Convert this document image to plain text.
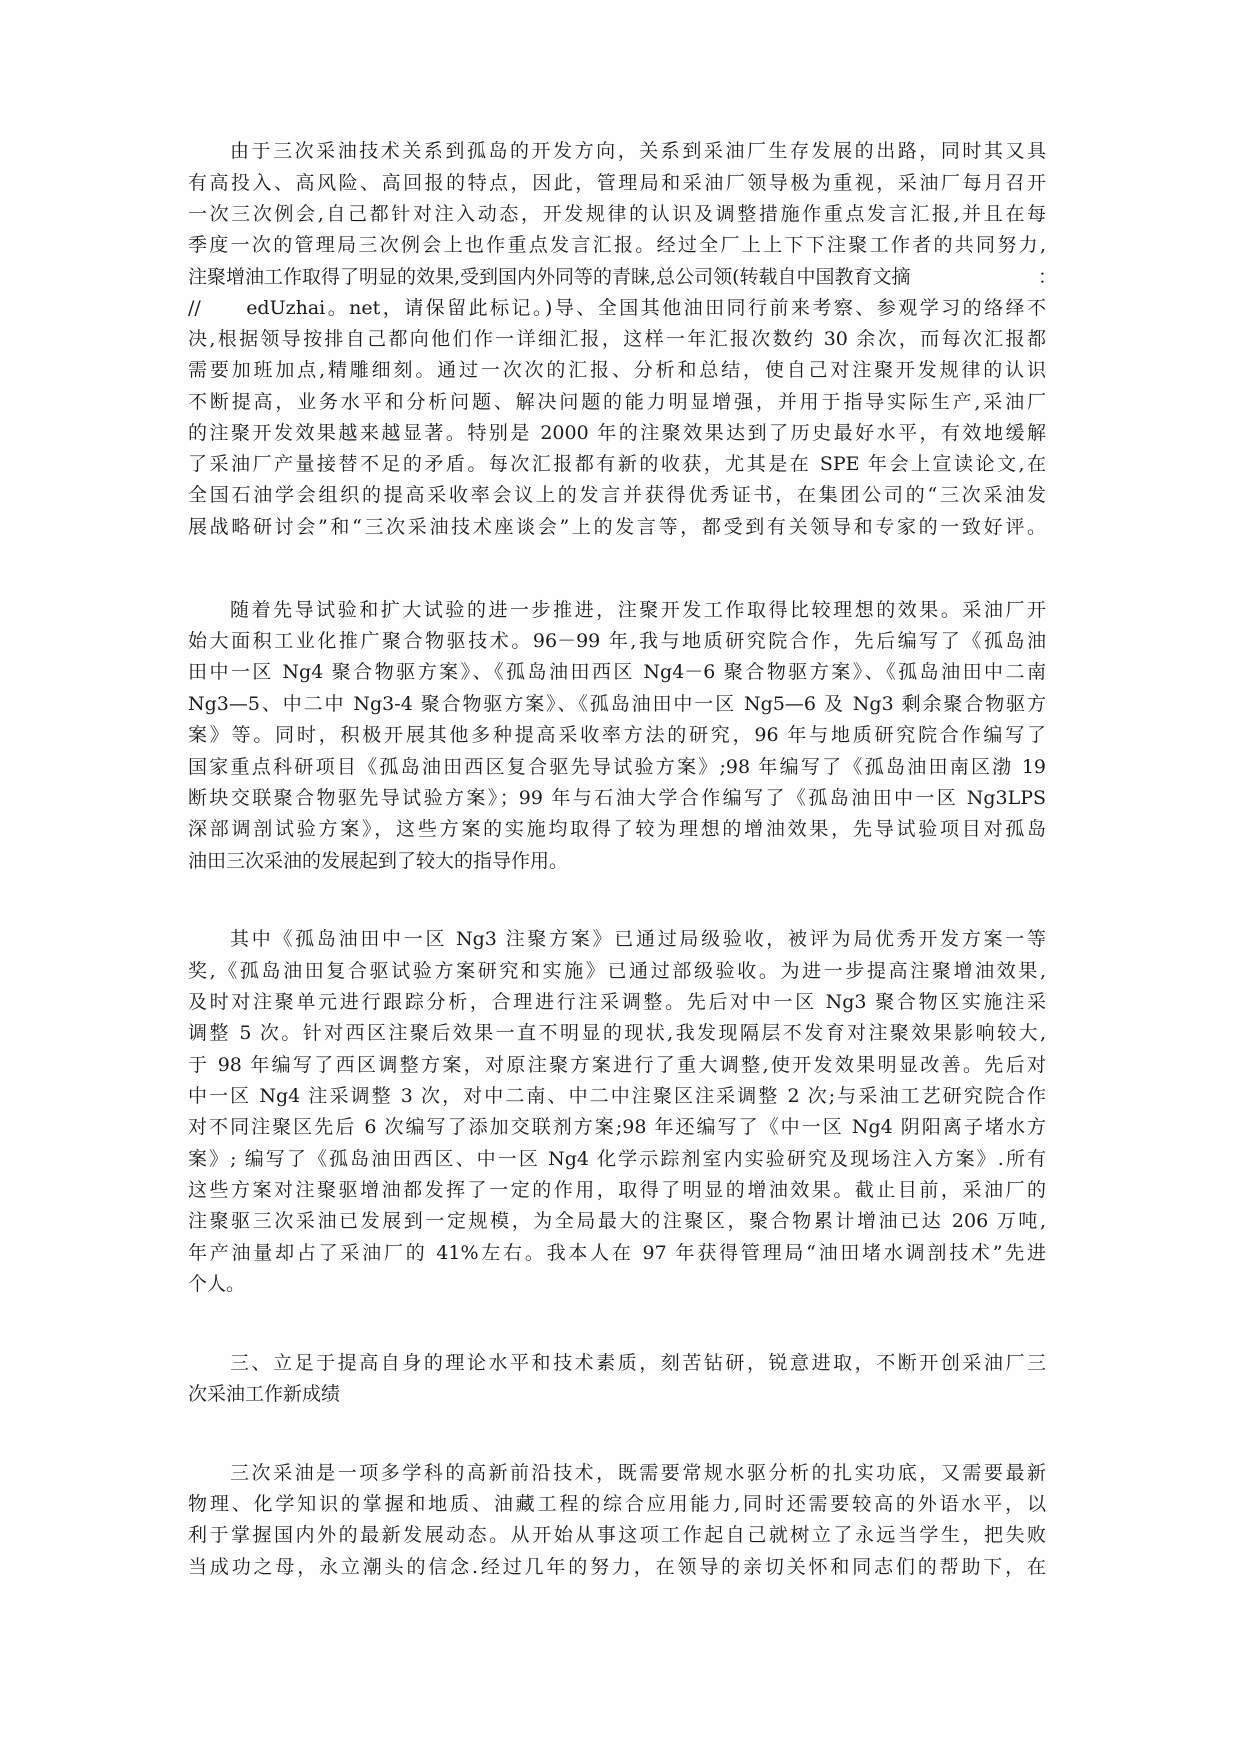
由于三次采油技术关系到孤岛的开发方向，关系到采油厂生存发展的出路，同时其又具
有高投入、高风险、高回报的特点，因此，管理局和采油厂领导极为重视，采油厂每月召开
一次三次例会,自己都针对注入动态，开发规律的认识及调整措施作重点发言汇报,并且在每
季度一次的管理局三次例会上也作重点发言汇报。经过全厂上上下下注聚工作者的共同努力,
注聚增油工作取得了明显的效果,受到国内外同等的青睐,总公司领(转载自中国教育文摘	：
//　　edUzhai。net，请保留此标记。)导、全国其他油田同行前来考察、参观学习的络绎不
决,根据领导按排自己都向他们作一详细汇报，这样一年汇报次数约 30 余次，而每次汇报都
需要加班加点,精雕细刻。通过一次次的汇报、分析和总结，使自己对注聚开发规律的认识
不断提高，业务水平和分析问题、解决问题的能力明显增强，并用于指导实际生产,采油厂
的注聚开发效果越来越显著。特别是 2000 年的注聚效果达到了历史最好水平，有效地缓解
了采油厂产量接替不足的矛盾。每次汇报都有新的收获，尤其是在 SPE 年会上宣读论文,在
全国石油学会组织的提高采收率会议上的发言并获得优秀证书，在集团公司的“三次采油发
展战略研讨会”和“三次采油技术座谈会”上的发言等，都受到有关领导和专家的一致好评。
随着先导试验和扩大试验的进一步推进，注聚开发工作取得比较理想的效果。采油厂开
始大面积工业化推广聚合物驱技术。96－99 年,我与地质研究院合作，先后编写了《孤岛油
田中一区 Ng4 聚合物驱方案》、《孤岛油田西区 Ng4－6 聚合物驱方案》、《孤岛油田中二南
Ng3—5、中二中 Ng3-4 聚合物驱方案》、《孤岛油田中一区 Ng5—6 及 Ng3 剩余聚合物驱方
案》等。同时，积极开展其他多种提高采收率方法的研究，96 年与地质研究院合作编写了
国家重点科研项目《孤岛油田西区复合驱先导试验方案》;98 年编写了《孤岛油田南区渤 19
断块交联聚合物驱先导试验方案》；99 年与石油大学合作编写了《孤岛油田中一区 Ng3LPS
深部调剖试验方案》，这些方案的实施均取得了较为理想的增油效果，先导试验项目对孤岛
油田三次采油的发展起到了较大的指导作用。
其中《孤岛油田中一区 Ng3 注聚方案》已通过局级验收，被评为局优秀开发方案一等
奖,《孤岛油田复合驱试验方案研究和实施》已通过部级验收。为进一步提高注聚增油效果,
及时对注聚单元进行跟踪分析，合理进行注采调整。先后对中一区 Ng3 聚合物区实施注采
调整 5 次。针对西区注聚后效果一直不明显的现状,我发现隔层不发育对注聚效果影响较大,
于 98 年编写了西区调整方案，对原注聚方案进行了重大调整,使开发效果明显改善。先后对
中一区 Ng4 注采调整 3 次，对中二南、中二中注聚区注采调整 2 次;与采油工艺研究院合作
对不同注聚区先后 6 次编写了添加交联剂方案;98 年还编写了《中一区 Ng4 阴阳离子堵水方
案》; 编写了《孤岛油田西区、中一区 Ng4 化学示踪剂室内实验研究及现场注入方案》.所有
这些方案对注聚驱增油都发挥了一定的作用，取得了明显的增油效果。截止目前，采油厂的
注聚驱三次采油已发展到一定规模，为全局最大的注聚区，聚合物累计增油已达 206 万吨,
年产油量却占了采油厂的 41%左右。我本人在 97 年获得管理局“油田堵水调剖技术”先进
个人。
三、立足于提高自身的理论水平和技术素质，刻苦钻研，锐意进取，不断开创采油厂三
次采油工作新成绩
三次采油是一项多学科的高新前沿技术，既需要常规水驱分析的扎实功底，又需要最新
物理、化学知识的掌握和地质、油藏工程的综合应用能力,同时还需要较高的外语水平，以
利于掌握国内外的最新发展动态。从开始从事这项工作起自己就树立了永远当学生，把失败
当成功之母，永立潮头的信念.经过几年的努力，在领导的亲切关怀和同志们的帮助下，在
